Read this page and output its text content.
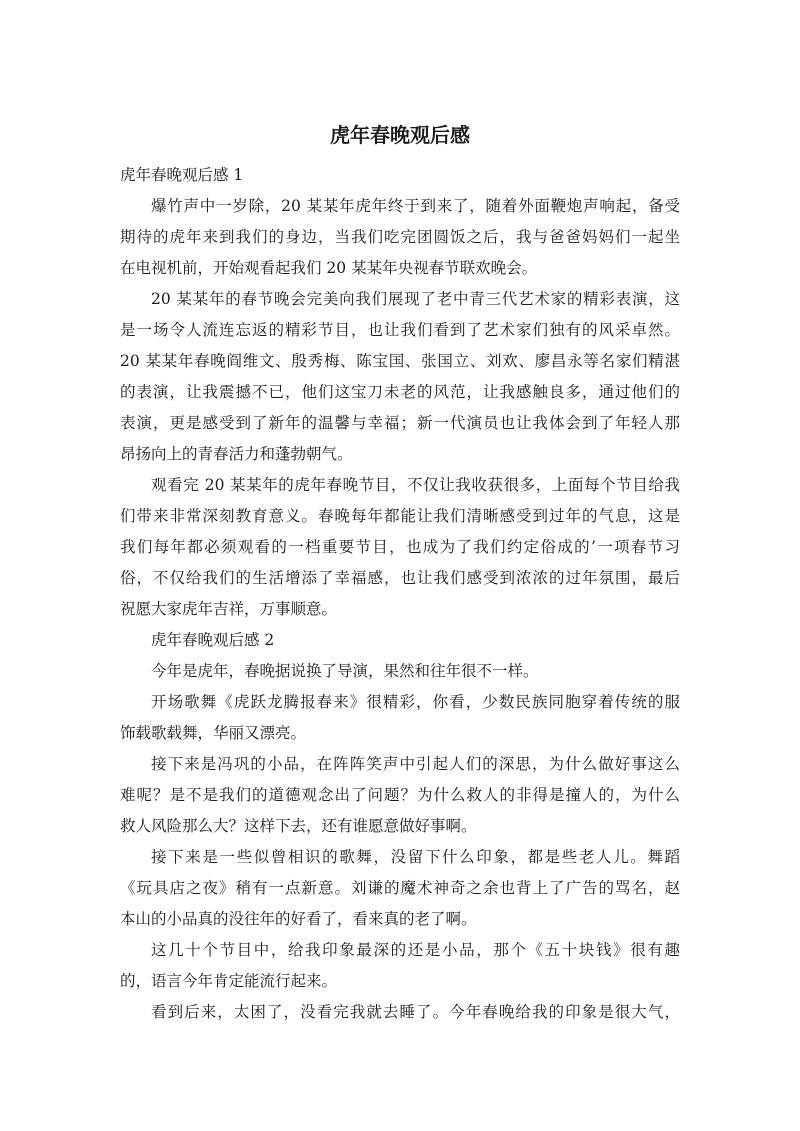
虎年春晚观后感
虎年春晚观后感 1
爆竹声中一岁除，20 某某年虎年终于到来了，随着外面鞭炮声响起，备受
期待的虎年来到我们的身边，当我们吃完团圆饭之后，我与爸爸妈妈们一起坐
在电视机前，开始观看起我们 20 某某年央视春节联欢晚会。
20 某某年的春节晚会完美向我们展现了老中青三代艺术家的精彩表演，这
是一场令人流连忘返的精彩节目，也让我们看到了艺术家们独有的风采卓然。
20 某某年春晚阎维文、殷秀梅、陈宝国、张国立、刘欢、廖昌永等名家们精湛
的表演，让我震撼不已，他们这宝刀未老的风范，让我感触良多，通过他们的
表演，更是感受到了新年的温馨与幸福；新一代演员也让我体会到了年轻人那
昂扬向上的青春活力和蓬勃朝气。
观看完 20 某某年的虎年春晚节目，不仅让我收获很多，上面每个节目给我
们带来非常深刻教育意义。春晚每年都能让我们清晰感受到过年的气息，这是
我们每年都必须观看的一档重要节目，也成为了我们约定俗成的’一项春节习
俗，不仅给我们的生活增添了幸福感，也让我们感受到浓浓的过年氛围，最后
祝愿大家虎年吉祥，万事顺意。
虎年春晚观后感 2
今年是虎年，春晚据说换了导演，果然和往年很不一样。
开场歌舞《虎跃龙腾报春来》很精彩，你看，少数民族同胞穿着传统的服
饰载歌载舞，华丽又漂亮。
接下来是冯巩的小品，在阵阵笑声中引起人们的深思，为什么做好事这么
难呢？是不是我们的道德观念出了问题？为什么救人的非得是撞人的，为什么
救人风险那么大？这样下去，还有谁愿意做好事啊。
接下来是一些似曾相识的歌舞，没留下什么印象，都是些老人儿。舞蹈
《玩具店之夜》稍有一点新意。刘谦的魔术神奇之余也背上了广告的骂名，赵
本山的小品真的没往年的好看了，看来真的老了啊。
这几十个节目中，给我印象最深的还是小品，那个《五十块钱》很有趣
的，语言今年肯定能流行起来。
看到后来，太困了，没看完我就去睡了。今年春晚给我的印象是很大气，
